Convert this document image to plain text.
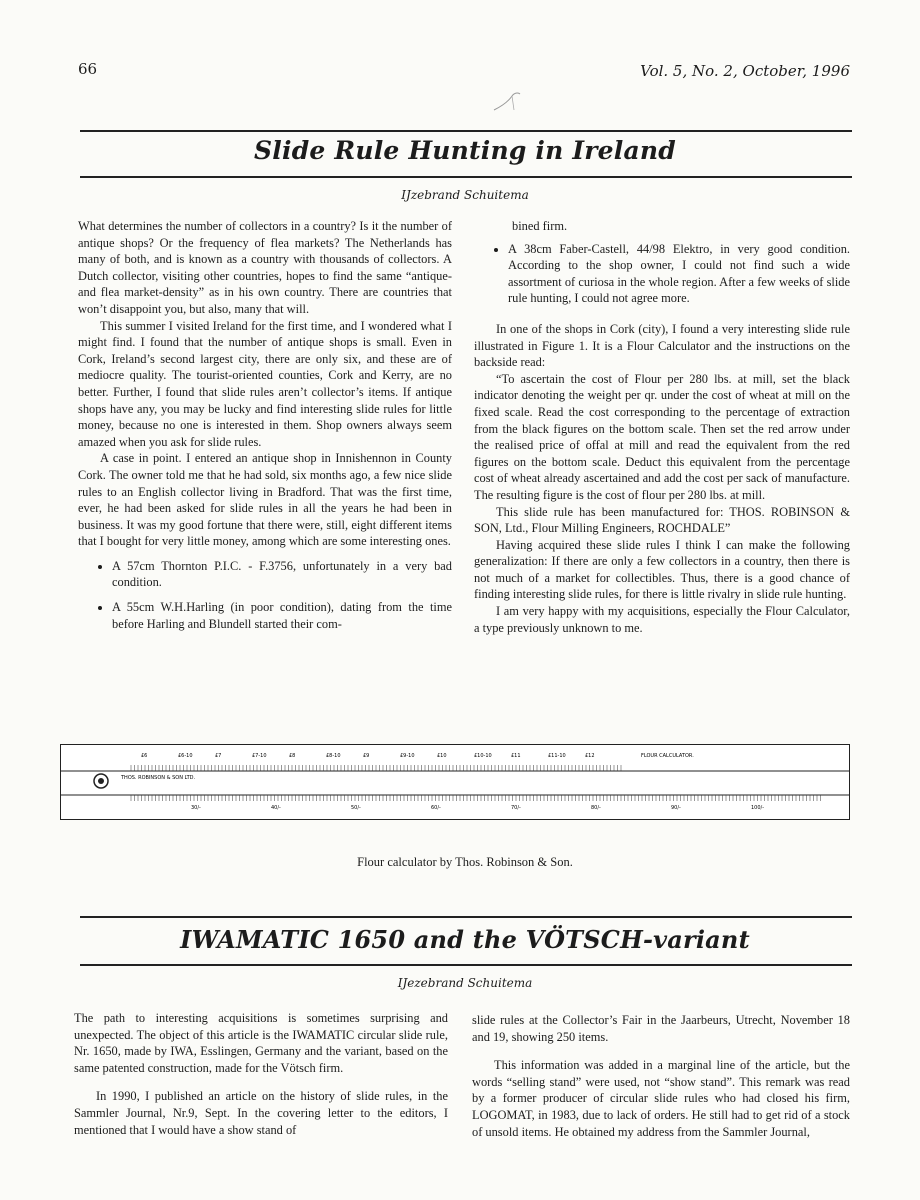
66	Vol. 5, No. 2, October, 1996
Slide Rule Hunting in Ireland
IJzebrand Schuitema

What determines the number of collectors in a country? Is it the number of antique shops? Or the frequency of flea markets? The Netherlands has many of both, and is known as a country with thousands of collectors. A Dutch collector, visiting other countries, hopes to find the same “antique- and flea market-density” as in his own country. There are countries that won’t disappoint you, but also, many that will.

This summer I visited Ireland for the first time, and I wondered what I might find. I found that the number of antique shops is small. Even in Cork, Ireland’s second largest city, there are only six, and these are of mediocre quality. The tourist-oriented counties, Cork and Kerry, are no better. Further, I found that slide rules aren’t collector’s items. If antique shops have any, you may be lucky and find interesting slide rules for little money, because no one is interested in them. Shop owners always seem amazed when you ask for slide rules.

A case in point. I entered an antique shop in Innishennon in County Cork. The owner told me that he had sold, six months ago, a few nice slide rules to an English collector living in Bradford. That was the first time, ever, he had been asked for slide rules in all the years he had been in business. It was my good fortune that there were, still, eight different items that I bought for very little money, among which are some interesting ones.

• A 57cm Thornton P.I.C. - F.3756, unfortunately in a very bad condition.
• A 55cm W.H.Harling (in poor condition), dating from the time before Harling and Blundell started their com-

bined firm.

• A 38cm Faber-Castell, 44/98 Elektro, in very good condition. According to the shop owner, I could not find such a wide assortment of curiosa in the whole region. After a few weeks of slide rule hunting, I could not agree more.

In one of the shops in Cork (city), I found a very interesting slide rule illustrated in Figure 1. It is a Flour Calculator and the instructions on the backside read:

“To ascertain the cost of Flour per 280 lbs. at mill, set the black indicator denoting the weight per qr. under the cost of wheat at mill on the fixed scale. Read the cost corresponding to the percentage of extraction from the black figures on the bottom scale. Then set the red arrow under the realised price of offal at mill and read the equivalent from the red figures on the bottom scale. Deduct this equivalent from the percentage cost of wheat already ascertained and add the cost per sack of manufacture. The resulting figure is the cost of flour per 280 lbs. at mill.

This slide rule has been manufactured for: THOS. ROBINSON & SON, Ltd., Flour Milling Engineers, ROCHDALE”

Having acquired these slide rules I think I can make the following generalization: If there are only a few collectors in a country, then there is not much of a market for collectibles. Thus, there is a good chance of finding interesting slide rules, for there is little rivalry in slide rule hunting.

I am very happy with my acquisitions, especially the Flour Calculator, a type previously unknown to me.

THOS. ROBINSON & SON LTD.
FLOUR CALCULATOR.
£6	£6-10	£7	£7-10	£8	£8-10	£9	£9-10	£10	£10-10	£11	£11-10	£12
30/-	40/-	50/-	60/-	70/-	80/-	90/-	100/-
Flour calculator by Thos. Robinson & Son.
IWAMATIC 1650 and the VÖTSCH-variant
IJezebrand Schuitema

The path to interesting acquisitions is sometimes surprising and unexpected. The object of this article is the IWAMATIC circular slide rule, Nr. 1650, made by IWA, Esslingen, Germany and the variant, based on the same patented construction, made for the Vötsch firm.

In 1990, I published an article on the history of slide rules, in the Sammler Journal, Nr.9, Sept. In the covering letter to the editors, I mentioned that I would have a show stand of

slide rules at the Collector’s Fair in the Jaarbeurs, Utrecht, November 18 and 19, showing 250 items.

This information was added in a marginal line of the article, but the words “selling stand” were used, not “show stand”. This remark was read by a former producer of circular slide rules who had closed his firm, LOGOMAT, in 1983, due to lack of orders. He still had to get rid of a stock of unsold items. He obtained my address from the Sammler Journal,
